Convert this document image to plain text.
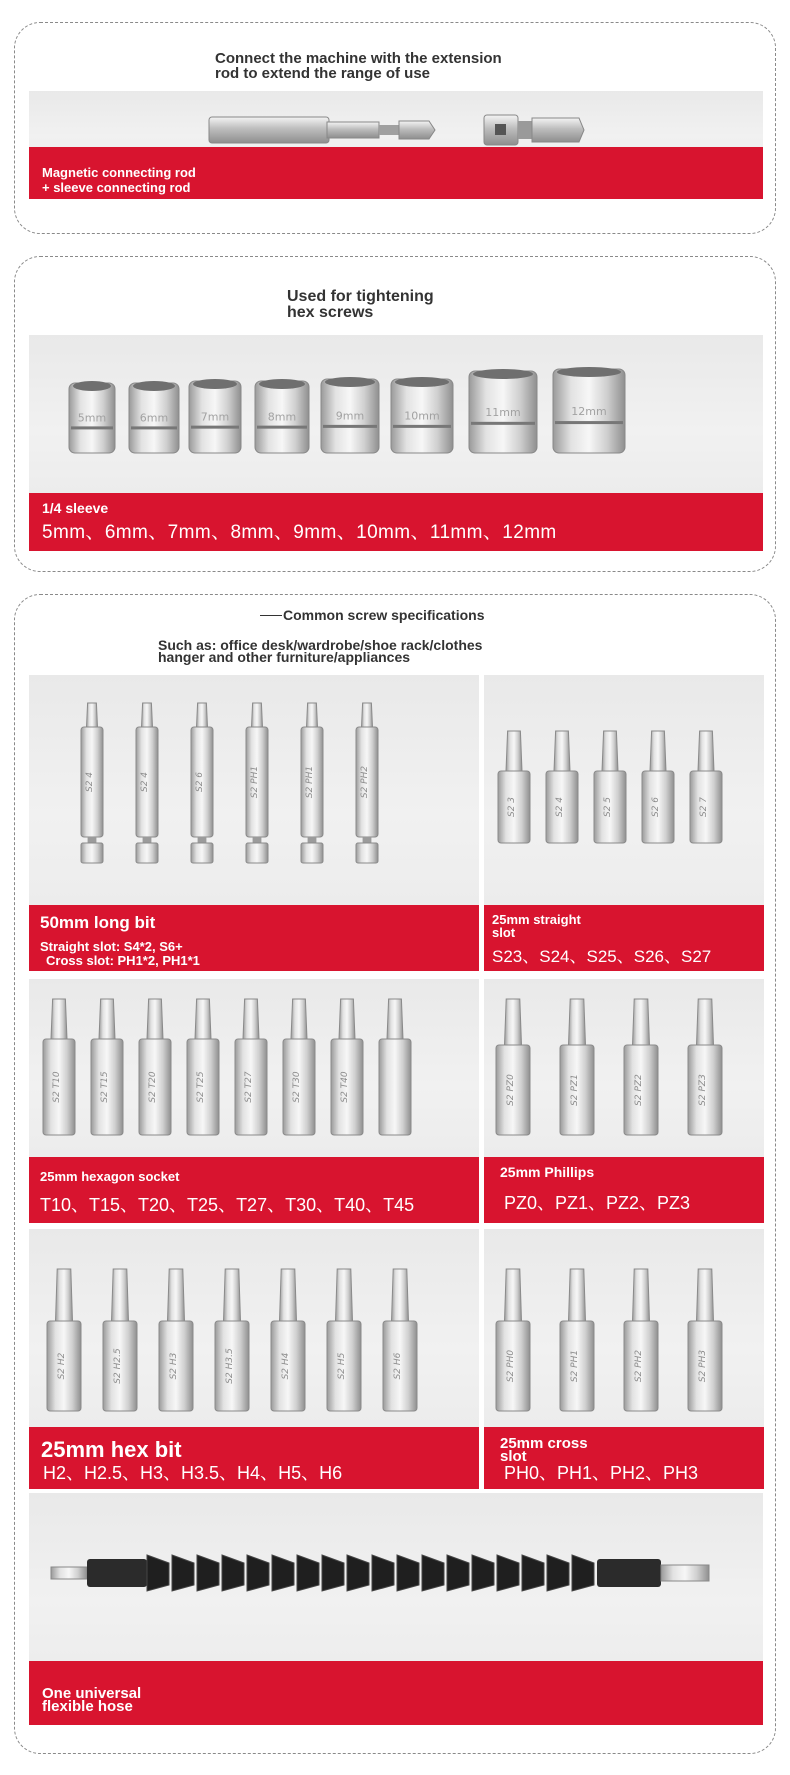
Connect the machine with the extension
rod to extend the range of use
Magnetic connecting rod
+ sleeve connecting rod
Used for tightening
hex screws
5mm	6mm	7mm	8mm	9mm	10mm	11mm	12mm
1/4 sleeve
5mm、6mm、7mm、8mm、9mm、10mm、11mm、12mm
Common screw specifications
Such as: office desk/wardrobe/shoe rack/clothes
hanger and other furniture/appliances
S2 4	S2 4	S2 6	S2 PH1	S2 PH1	S2 PH2
50mm long bit
Straight slot: S4*2, S6+
Cross slot: PH1*2, PH1*1
S2 3	S2 4	S2 5	S2 6	S2 7
25mm straight
slot
S23、S24、S25、S26、S27
S2 T10	S2 T15	S2 T20	S2 T25	S2 T27	S2 T30	S2 T40
25mm hexagon socket
T10、T15、T20、T25、T27、T30、T40、T45
S2 PZ0	S2 PZ1	S2 PZ2	S2 PZ3
25mm Phillips
PZ0、PZ1、PZ2、PZ3
S2 H2	S2 H2.5	S2 H3	S2 H3.5	S2 H4	S2 H5	S2 H6
25mm hex bit
H2、H2.5、H3、H3.5、H4、H5、H6
S2 PH0	S2 PH1	S2 PH2	S2 PH3
25mm cross
slot
PH0、PH1、PH2、PH3
One universal
flexible hose
